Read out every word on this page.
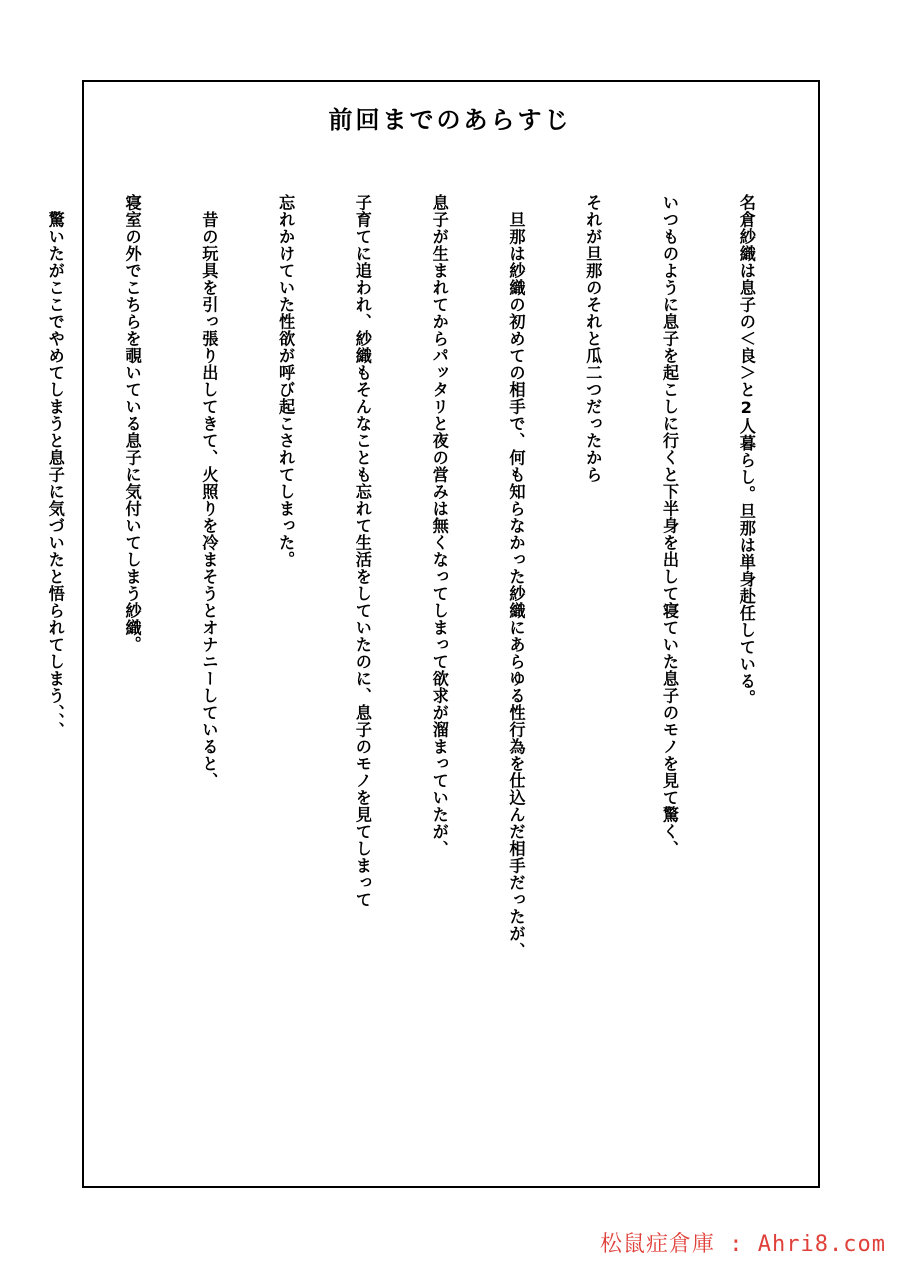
前回までのあらすじ

名倉紗織は息子の＜良＞と2人暮らし。旦那は単身赴任している。

いつものように息子を起こしに行くと下半身を出して寝ていた息子のモノを見て驚く、

それが旦那のそれと瓜二つだったから

　旦那は紗織の初めての相手で、何も知らなかった紗織にあらゆる性行為を仕込んだ相手だったが、

息子が生まれてからパッタリと夜の営みは無くなってしまって欲求が溜まっていたが、

子育てに追われ、紗織もそんなことも忘れて生活をしていたのに、息子のモノを見てしまって

忘れかけていた性欲が呼び起こされてしまった。

　昔の玩具を引っ張り出してきて、火照りを冷まそうとオナニーしていると、

寝室の外でこちらを覗いている息子に気付いてしまう紗織。

　驚いたがここでやめてしまうと息子に気づいたと悟られてしまう、、、

松鼠症倉庫 : Ahri8.com
